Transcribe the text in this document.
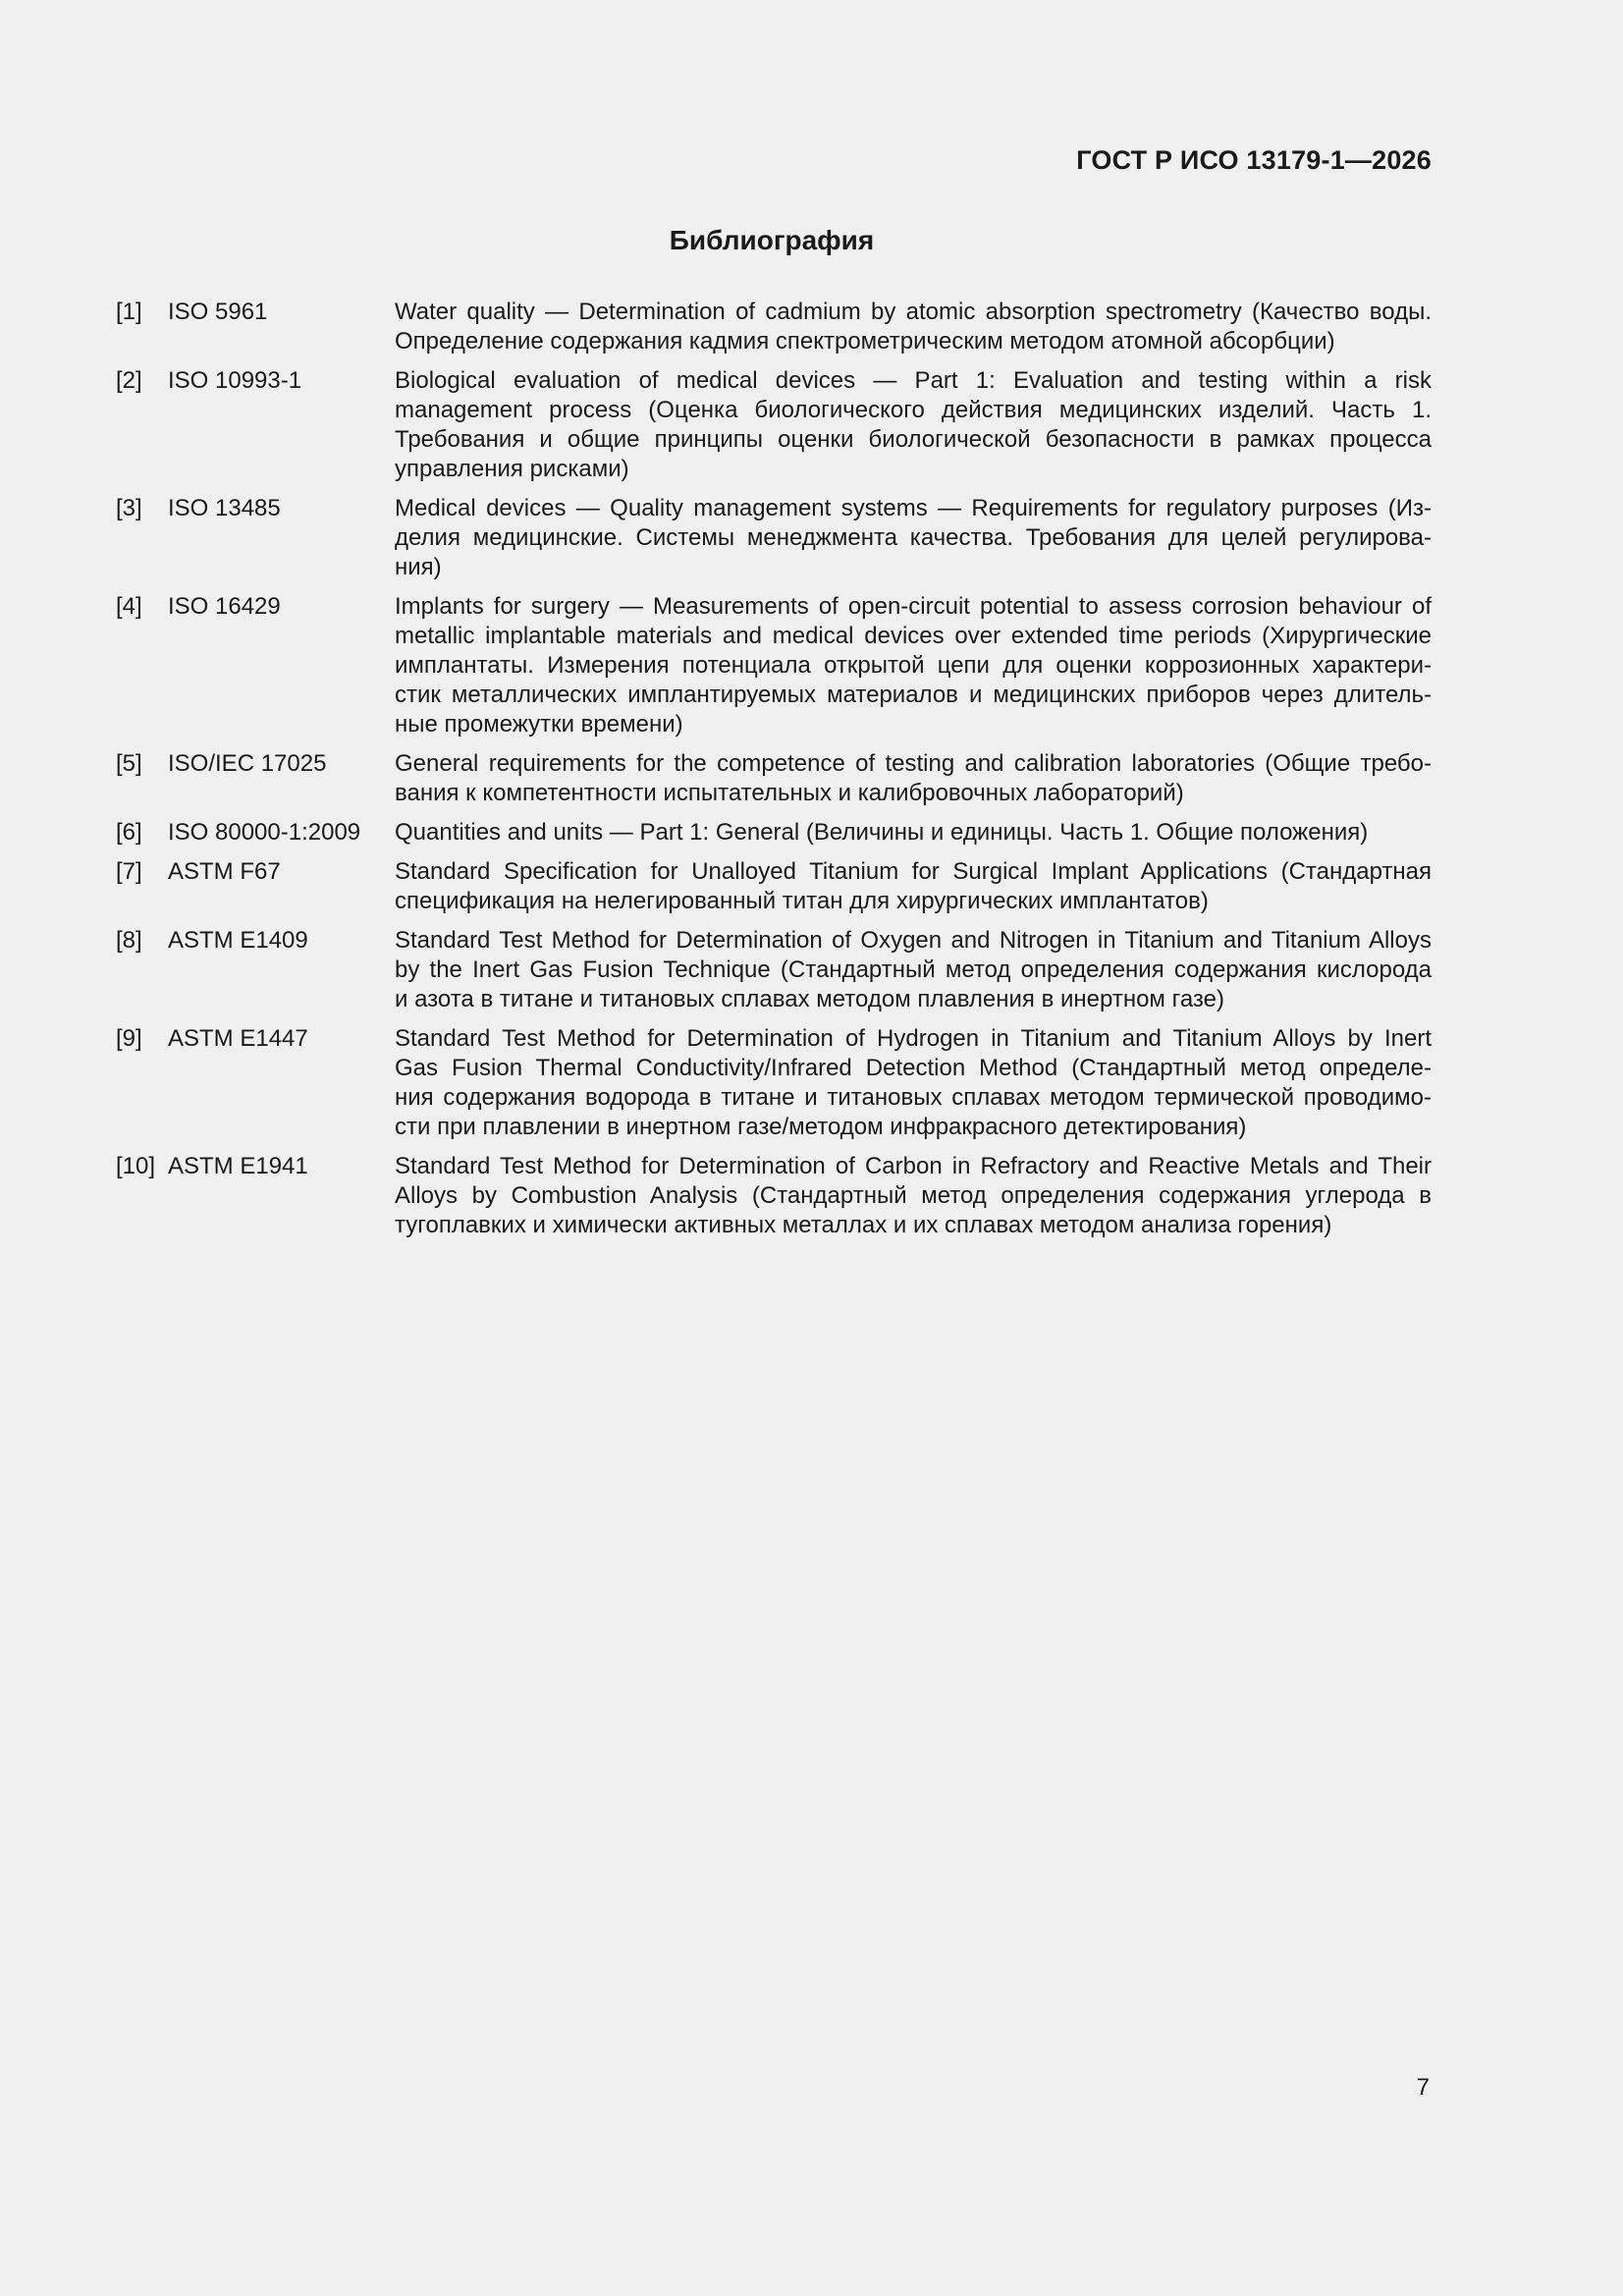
ГОСТ Р ИСО 13179-1—2026
Библиография
[1]	ISO 5961	Water quality — Determination of cadmium by atomic absorption spectrometry (Качество воды.
Определение содержания кадмия спектрометрическим методом атомной абсорбции)
[2]	ISO 10993-1	Biological evaluation of medical devices — Part 1: Evaluation and testing within a risk
management process (Оценка биологического действия медицинских изделий. Часть 1.
Требования и общие принципы оценки биологической безопасности в рамках процесса
управления рисками)
[3]	ISO 13485	Medical devices — Quality management systems — Requirements for regulatory purposes (Из-
делия медицинские. Системы менеджмента качества. Требования для целей регулирова-
ния)
[4]	ISO 16429	Implants for surgery — Measurements of open-circuit potential to assess corrosion behaviour of
metallic implantable materials and medical devices over extended time periods (Хирургические
имплантаты. Измерения потенциала открытой цепи для оценки коррозионных характери-
стик металлических имплантируемых материалов и медицинских приборов через длитель-
ные промежутки времени)
[5]	ISO/IEC 17025	General requirements for the competence of testing and calibration laboratories (Общие требо-
вания к компетентности испытательных и калибровочных лабораторий)
[6]	ISO 80000-1:2009	Quantities and units — Part 1: General (Величины и единицы. Часть 1. Общие положения)
[7]	ASTM F67	Standard Specification for Unalloyed Titanium for Surgical Implant Applications (Стандартная
спецификация на нелегированный титан для хирургических имплантатов)
[8]	ASTM E1409	Standard Test Method for Determination of Oxygen and Nitrogen in Titanium and Titanium Alloys
by the Inert Gas Fusion Technique (Стандартный метод определения содержания кислорода
и азота в титане и титановых сплавах методом плавления в инертном газе)
[9]	ASTM E1447	Standard Test Method for Determination of Hydrogen in Titanium and Titanium Alloys by Inert
Gas Fusion Thermal Conductivity/Infrared Detection Method (Стандартный метод определе-
ния содержания водорода в титане и титановых сплавах методом термической проводимо-
сти при плавлении в инертном газе/методом инфракрасного детектирования)
[10] ASTM E1941	Standard Test Method for Determination of Carbon in Refractory and Reactive Metals and Their
Alloys by Combustion Analysis (Стандартный метод определения содержания углерода в
тугоплавких и химически активных металлах и их сплавах методом анализа горения)
7
